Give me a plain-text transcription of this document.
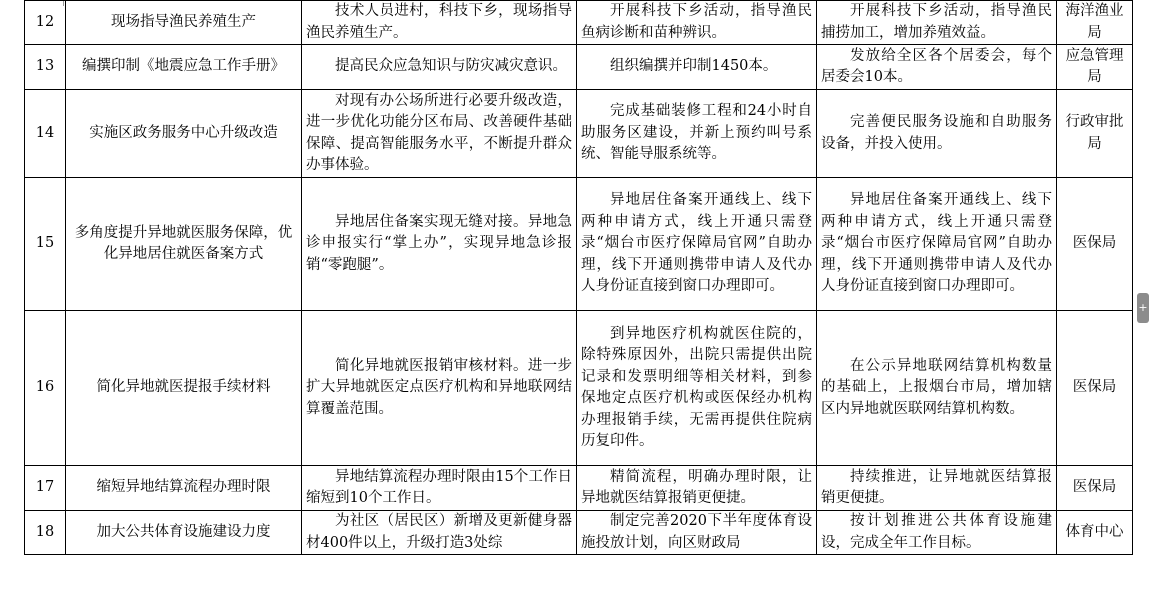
12	现场指导渔民养殖生产	技术人员进村，科技下乡，现场指导渔民养殖生产。	开展科技下乡活动，指导渔民鱼病诊断和苗种辨识。	开展科技下乡活动，指导渔民捕捞加工，增加养殖效益。	海洋渔业局
13	编撰印制《地震应急工作手册》	提高民众应急知识与防灾减灾意识。	组织编撰并印制1450本。	发放给全区各个居委会，每个居委会10本。	应急管理局
14	实施区政务服务中心升级改造	对现有办公场所进行必要升级改造，进一步优化功能分区布局、改善硬件基础保障、提高智能服务水平，不断提升群众办事体验。	完成基础装修工程和24小时自助服务区建设，并新上预约叫号系统、智能导服系统等。	完善便民服务设施和自助服务设备，并投入使用。	行政审批局
15	多角度提升异地就医服务保障，优化异地居住就医备案方式	异地居住备案实现无缝对接。异地急诊申报实行“掌上办”，实现异地急诊报销“零跑腿”。	异地居住备案开通线上、线下两种申请方式，线上开通只需登录“烟台市医疗保障局官网”自助办理，线下开通则携带申请人及代办人身份证直接到窗口办理即可。	异地居住备案开通线上、线下两种申请方式，线上开通只需登录“烟台市医疗保障局官网”自助办理，线下开通则携带申请人及代办人身份证直接到窗口办理即可。	医保局
16	简化异地就医提报手续材料	简化异地就医报销审核材料。进一步扩大异地就医定点医疗机构和异地联网结算覆盖范围。	到异地医疗机构就医住院的，除特殊原因外，出院只需提供出院记录和发票明细等相关材料，到参保地定点医疗机构或医保经办机构办理报销手续，无需再提供住院病历复印件。	在公示异地联网结算机构数量的基础上，上报烟台市局，增加辖区内异地就医联网结算机构数。	医保局
17	缩短异地结算流程办理时限	异地结算流程办理时限由15个工作日缩短到10个工作日。	精简流程，明确办理时限，让异地就医结算报销更便捷。	持续推进，让异地就医结算报销更便捷。	医保局
18	加大公共体育设施建设力度	为社区（居民区）新增及更新健身器材400件以上，升级打造3处综	制定完善2020下半年度体育设施投放计划，向区财政局	按计划推进公共体育设施建设，完成全年工作目标。	体育中心
+
